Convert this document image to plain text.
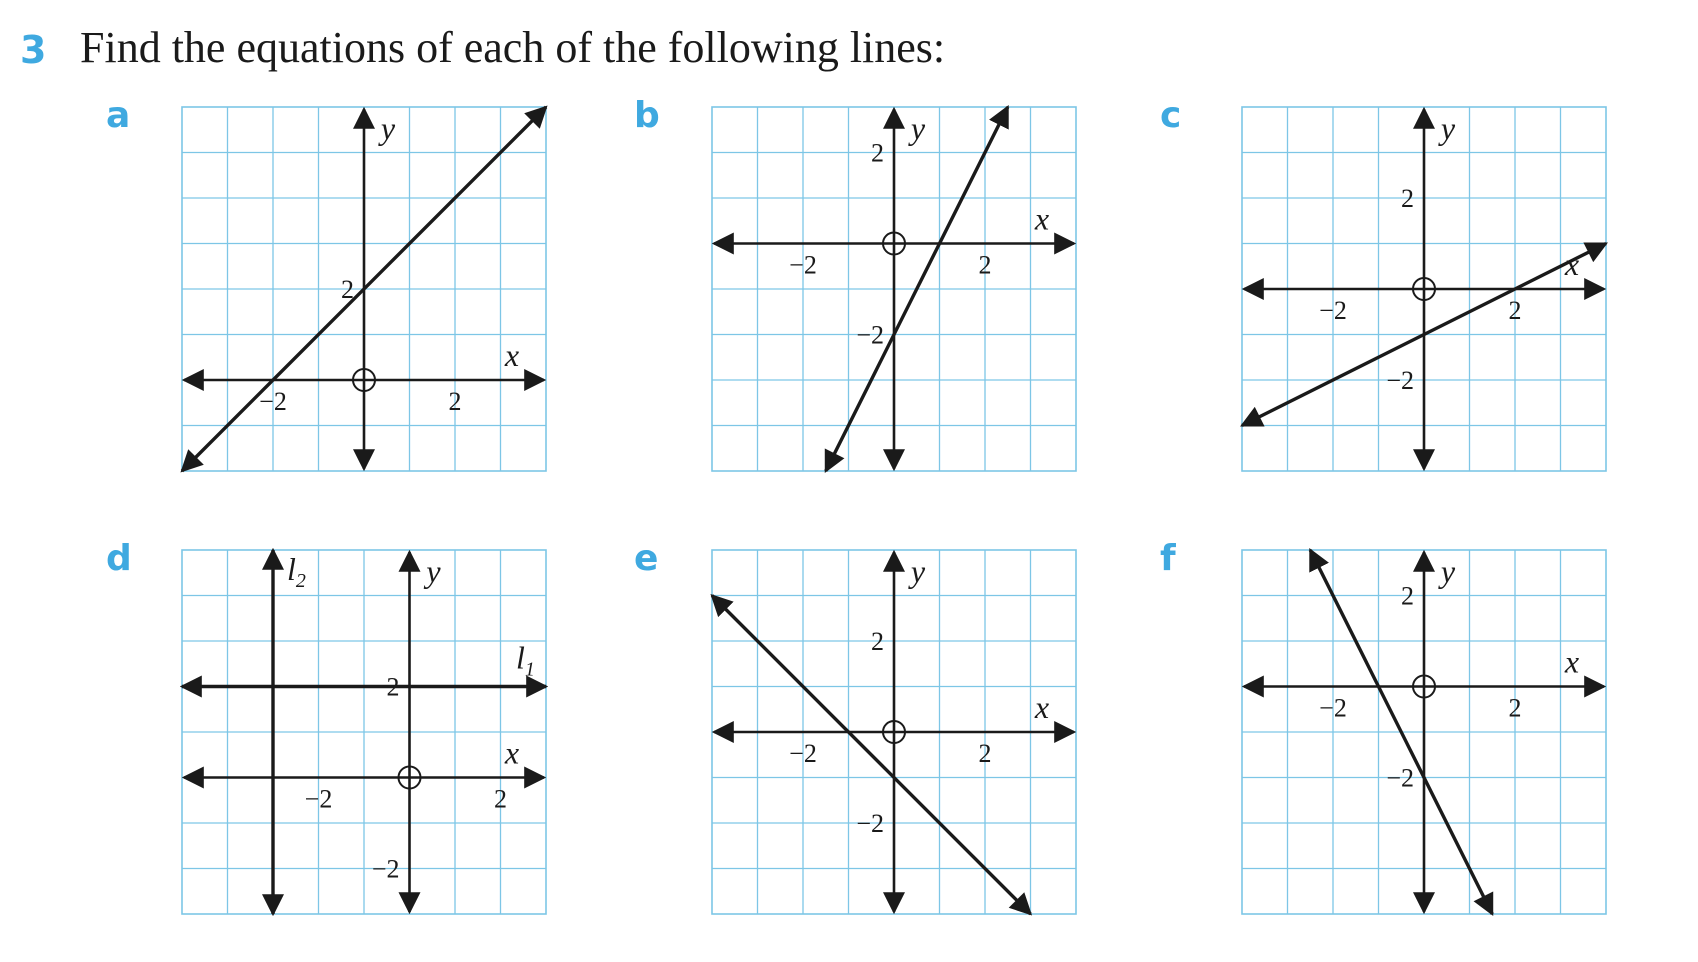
3 Find the equations of each of the following lines:
a
−2	2
2
x
y	b
−2	2
2
−2
x
y	c
−2	2
2
−2
x
y
d
$l_1$
$l_2$
−2	2
2
−2
x
y	e
−2	2
2
−2
x
y	f
−2	2
2
−2
x
y
